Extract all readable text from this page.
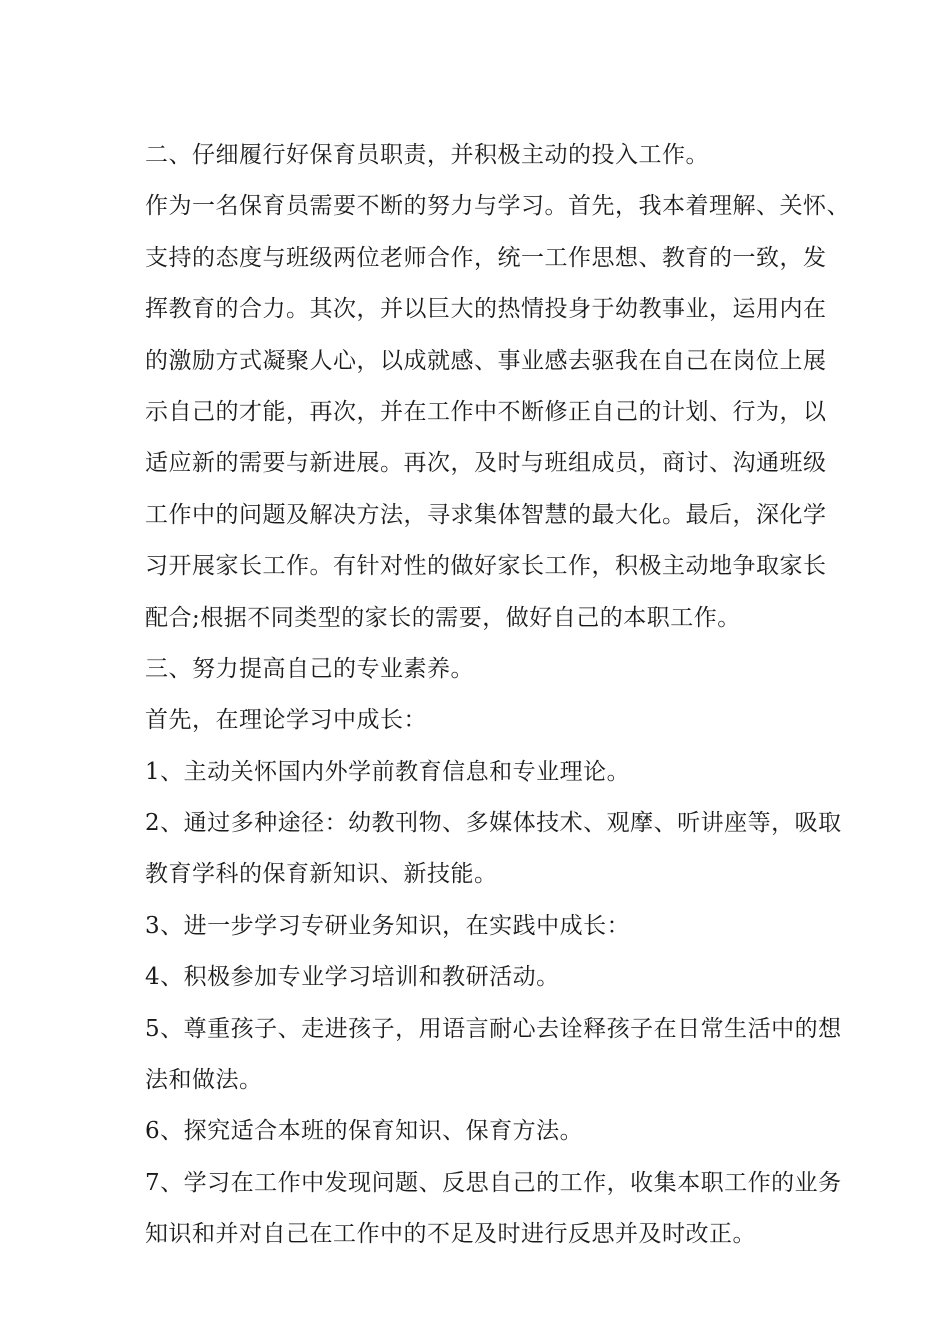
二、仔细履行好保育员职责，并积极主动的投入工作。
作为一名保育员需要不断的努力与学习。首先，我本着理解、关怀、
支持的态度与班级两位老师合作，统一工作思想、教育的一致，发
挥教育的合力。其次，并以巨大的热情投身于幼教事业，运用内在
的激励方式凝聚人心，以成就感、事业感去驱我在自己在岗位上展
示自己的才能，再次，并在工作中不断修正自己的计划、行为，以
适应新的需要与新进展。再次，及时与班组成员，商讨、沟通班级
工作中的问题及解决方法，寻求集体智慧的最大化。最后，深化学
习开展家长工作。有针对性的做好家长工作，积极主动地争取家长
配合;根据不同类型的家长的需要，做好自己的本职工作。
三、努力提高自己的专业素养。
首先，在理论学习中成长：
1、主动关怀国内外学前教育信息和专业理论。
2、通过多种途径：幼教刊物、多媒体技术、观摩、听讲座等，吸取
教育学科的保育新知识、新技能。
3、进一步学习专研业务知识，在实践中成长：
4、积极参加专业学习培训和教研活动。
5、尊重孩子、走进孩子，用语言耐心去诠释孩子在日常生活中的想
法和做法。
6、探究适合本班的保育知识、保育方法。
7、学习在工作中发现问题、反思自己的工作，收集本职工作的业务
知识和并对自己在工作中的不足及时进行反思并及时改正。
